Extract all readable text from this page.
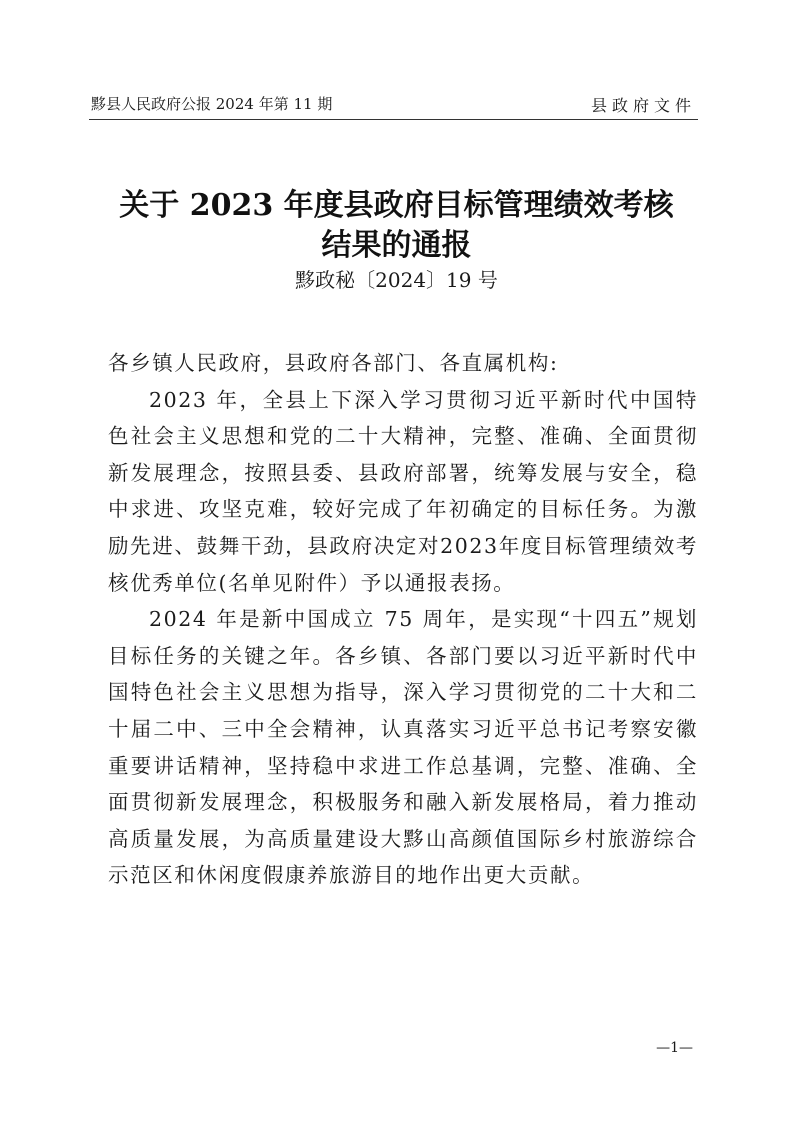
黟县人民政府公报 2024 年第 11 期	县政府文件
关于 2023 年度县政府目标管理绩效考核
结果的通报
黟政秘〔2024〕19 号

各乡镇人民政府，县政府各部门、各直属机构:

2023 年，全县上下深入学习贯彻习近平新时代中国特色社会主义思想和党的二十大精神，完整、准确、全面贯彻新发展理念，按照县委、县政府部署，统筹发展与安全，稳中求进、攻坚克难，较好完成了年初确定的目标任务。为激励先进、鼓舞干劲，县政府决定对2023年度目标管理绩效考核优秀单位(名单见附件）予以通报表扬。

2024 年是新中国成立 75 周年，是实现“十四五”规划目标任务的关键之年。各乡镇、各部门要以习近平新时代中国特色社会主义思想为指导，深入学习贯彻党的二十大和二十届二中、三中全会精神，认真落实习近平总书记考察安徽重要讲话精神，坚持稳中求进工作总基调，完整、准确、全面贯彻新发展理念，积极服务和融入新发展格局，着力推动高质量发展，为高质量建设大黟山高颜值国际乡村旅游综合示范区和休闲度假康养旅游目的地作出更大贡献。

—1—
